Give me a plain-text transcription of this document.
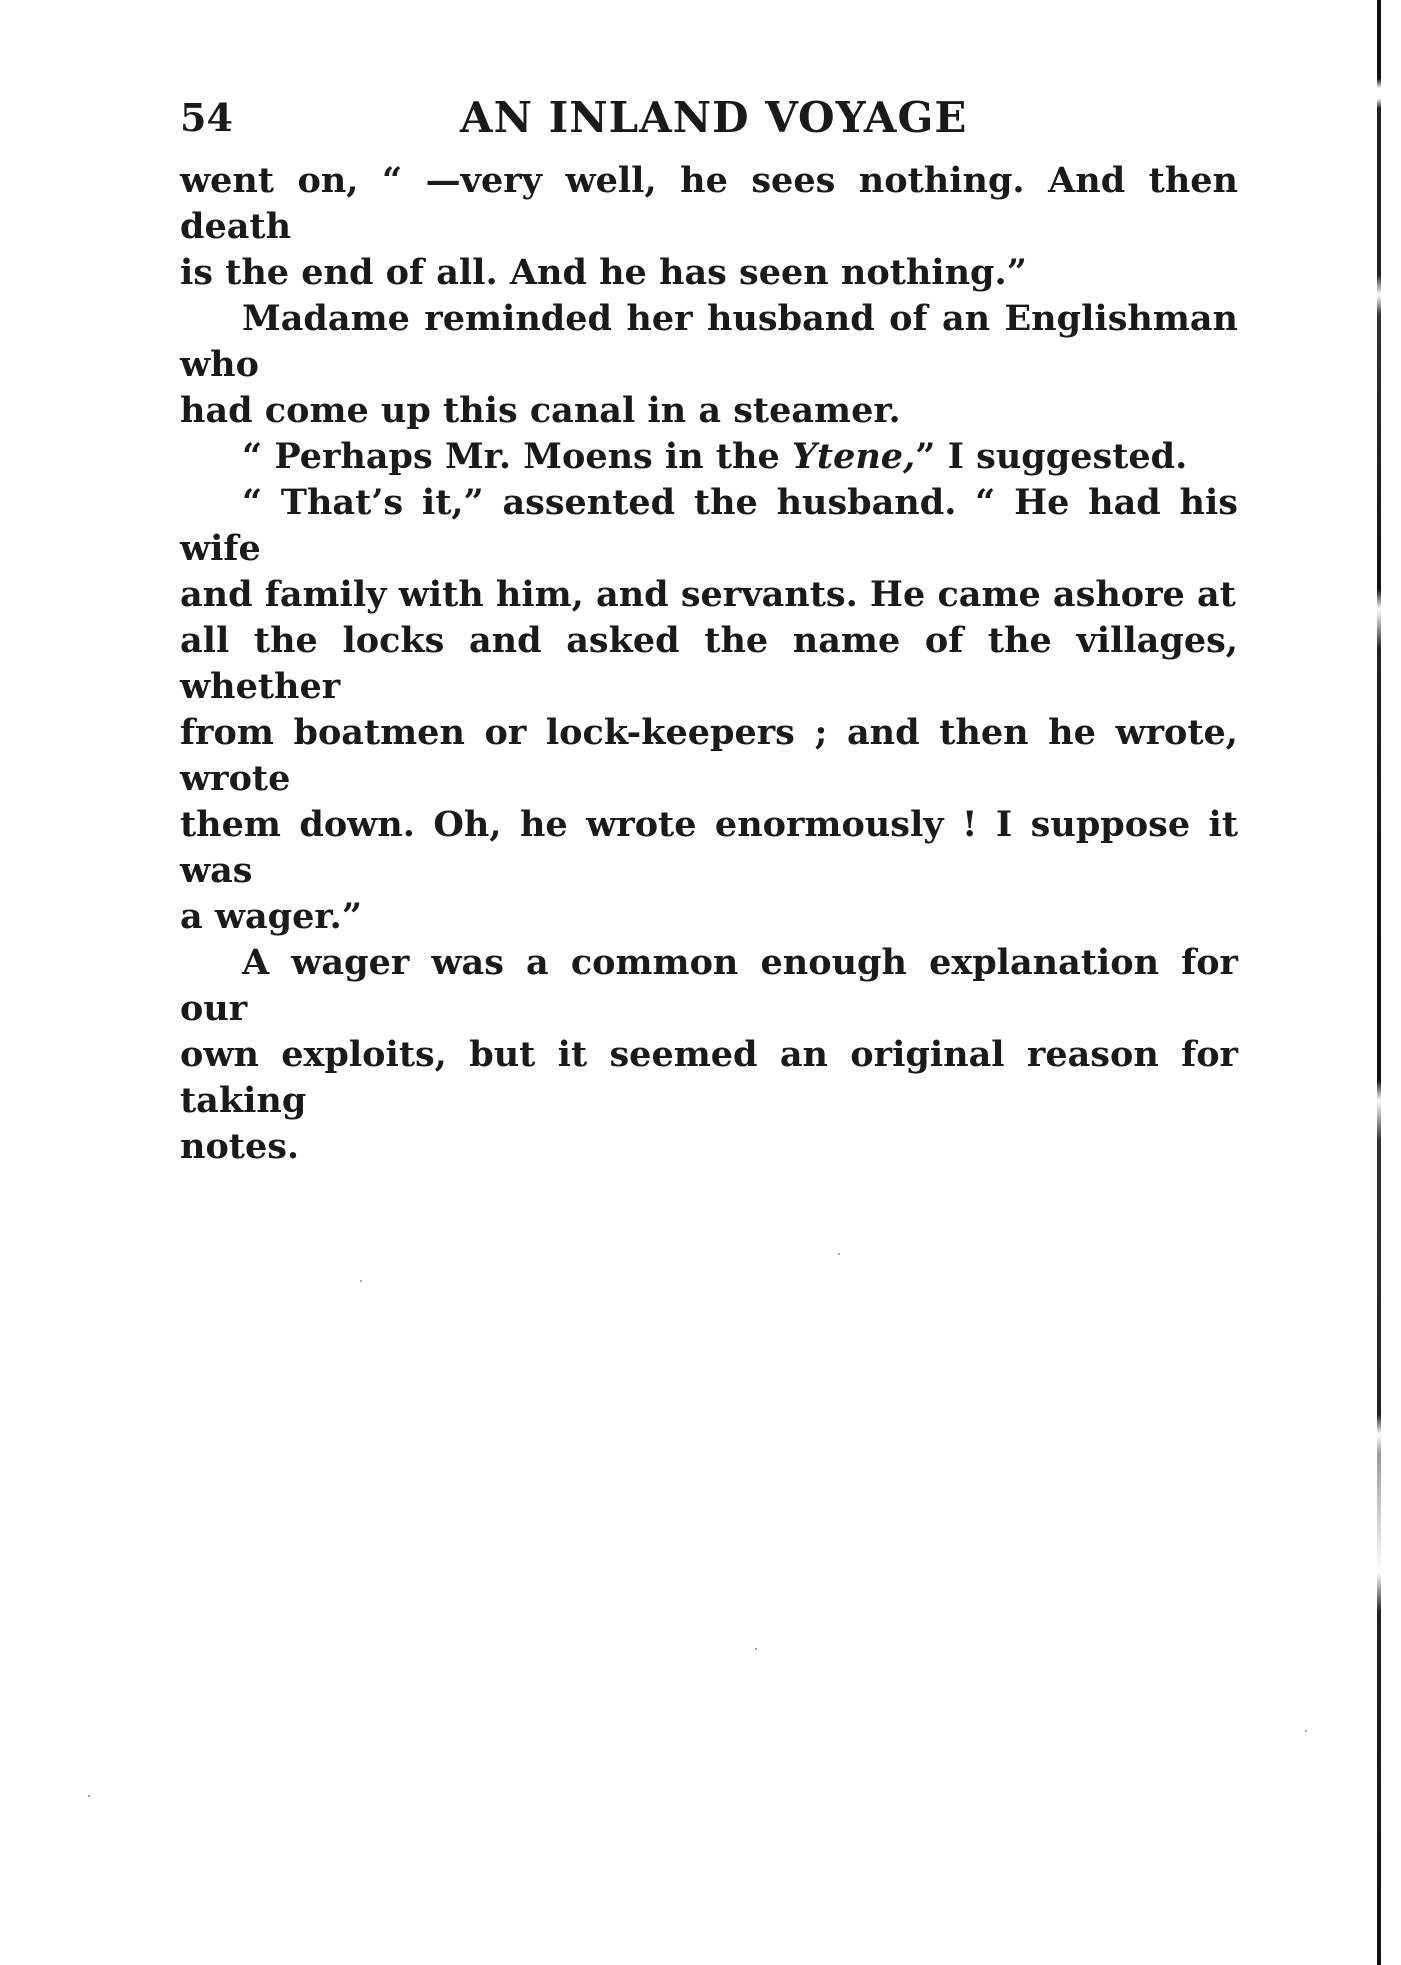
54	AN INLAND VOYAGE

went on, “ —very well, he sees nothing. And then death
is the end of all. And he has seen nothing.”

Madame reminded her husband of an Englishman who
had come up this canal in a steamer.

“ Perhaps Mr. Moens in the Ytene,” I suggested.

“ That’s it,” assented the husband. “ He had his wife
and family with him, and servants. He came ashore at
all the locks and asked the name of the villages, whether
from boatmen or lock-keepers ; and then he wrote, wrote
them down. Oh, he wrote enormously ! I suppose it was
a wager.”

A wager was a common enough explanation for our
own exploits, but it seemed an original reason for taking
notes.
